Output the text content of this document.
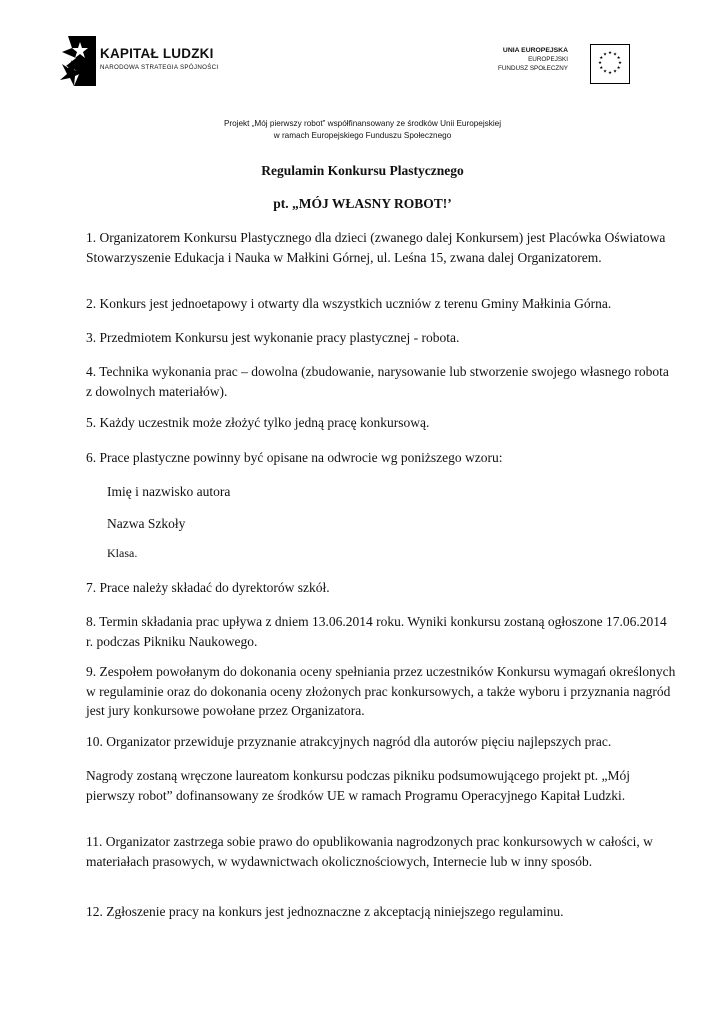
KAPITAŁ LUDZKI
NARODOWA STRATEGIA SPÓJNOŚCI
UNIA EUROPEJSKA
EUROPEJSKI
FUNDUSZ SPOŁECZNY
★ ★
★
★
★
★
★
★
★
★
★
★
Projekt „Mój pierwszy robot” współfinansowany ze środków Unii Europejskiej
w ramach Europejskiego Funduszu Społecznego
Regulamin Konkursu Plastycznego
pt. „MÓJ WŁASNY ROBOT!’

1. Organizatorem Konkursu Plastycznego dla dzieci (zwanego dalej Konkursem) jest Placówka Oświatowa Stowarzyszenie Edukacja i Nauka w Małkini Górnej, ul. Leśna 15, zwana dalej Organizatorem.

2. Konkurs jest jednoetapowy i otwarty dla wszystkich uczniów z terenu Gminy Małkinia Górna.

3. Przedmiotem Konkursu jest wykonanie pracy plastycznej - robota.

4. Technika wykonania prac – dowolna (zbudowanie, narysowanie lub stworzenie swojego własnego robota z dowolnych materiałów).

5. Każdy uczestnik może złożyć tylko jedną pracę konkursową.

6. Prace plastyczne powinny być opisane na odwrocie wg poniższego wzoru:

Imię i nazwisko autora

Nazwa Szkoły

Klasa.

7. Prace należy składać do dyrektorów szkół.

8. Termin składania prac upływa z dniem 13.06.2014 roku. Wyniki konkursu zostaną ogłoszone 17.06.2014 r. podczas Pikniku Naukowego.

9. Zespołem powołanym do dokonania oceny spełniania przez uczestników Konkursu wymagań określonych w regulaminie oraz do dokonania oceny złożonych prac konkursowych, a także wyboru i przyznania nagród jest jury konkursowe powołane przez Organizatora.

10. Organizator przewiduje przyznanie atrakcyjnych nagród dla autorów pięciu najlepszych prac.

Nagrody zostaną wręczone laureatom konkursu podczas pikniku podsumowującego projekt pt. „Mój pierwszy robot” dofinansowany ze środków UE w ramach Programu Operacyjnego Kapitał Ludzki.

11. Organizator zastrzega sobie prawo do opublikowania nagrodzonych prac konkursowych w całości, w materiałach prasowych, w wydawnictwach okolicznościowych, Internecie lub w inny sposób.

12. Zgłoszenie pracy na konkurs jest jednoznaczne z akceptacją niniejszego regulaminu.
